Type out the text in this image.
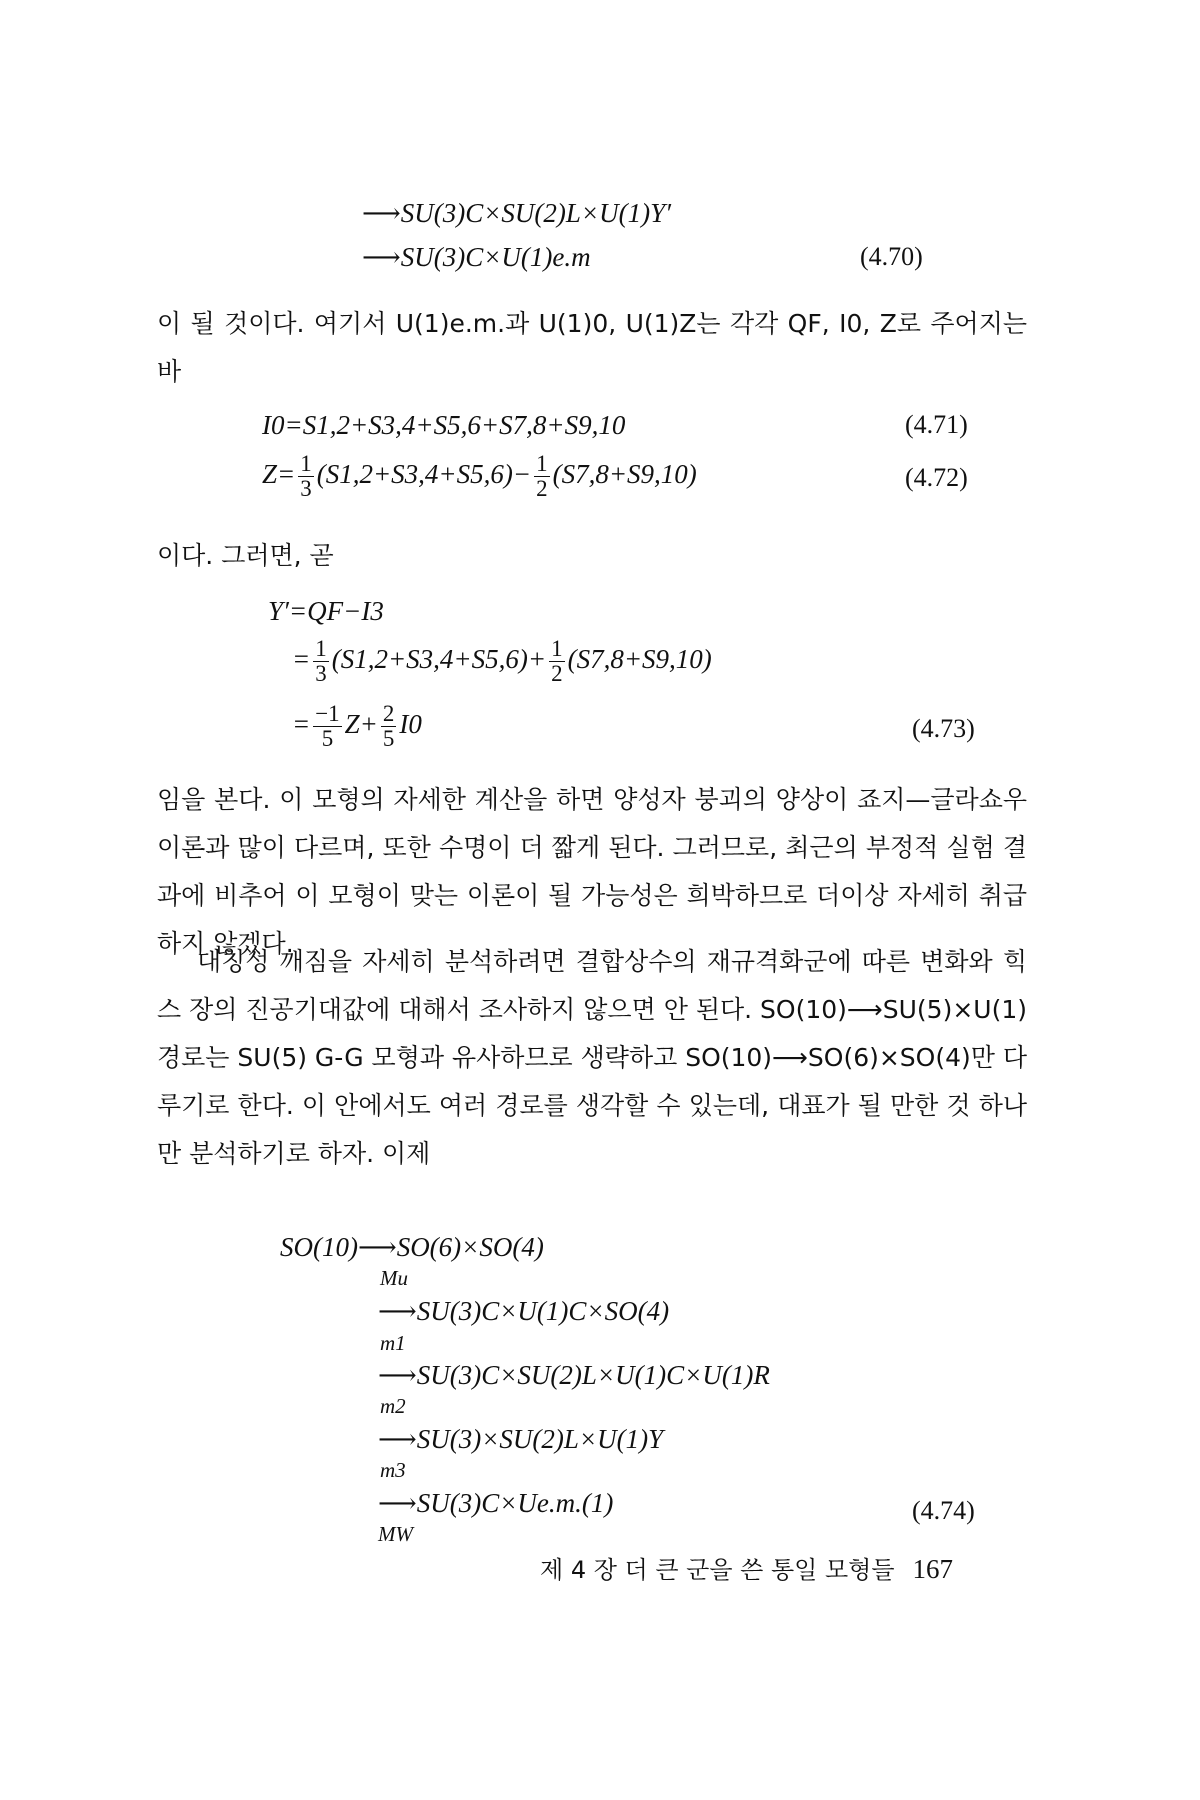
⟶SU(3)C×SU(2)L×U(1)Y′
⟶SU(3)C×U(1)e.m	(4.70)

이 될 것이다. 여기서 U(1)e.m.과 U(1)0, U(1)Z는 각각 QF, I0, Z로 주어지는 바

I0=S1,2+S3,4+S5,6+S7,8+S9,10	(4.71)
$Z= \frac{1}{3} (S1,2+S3,4+S5,6)- \frac{1}{2} (S7,8+S9,10)$	(4.72)

이다. 그러면, 곧

Y′=QF−I3
= $\frac{1}{3} (S1,2+S3,4+S5,6)+ \frac{1}{2} (S7,8+S9,10)$
= $\frac{-1}{5} Z+ \frac{2}{5} I0$	(4.73)

임을 본다. 이 모형의 자세한 계산을 하면 양성자 붕괴의 양상이 죠지—글라쇼우 이론과 많이 다르며, 또한 수명이 더 짧게 된다. 그러므로, 최근의 부정적 실험 결과에 비추어 이 모형이 맞는 이론이 될 가능성은 희박하므로 더이상 자세히 취급하지 않겠다.

대칭성 깨짐을 자세히 분석하려면 결합상수의 재규격화군에 따른 변화와 힉스 장의 진공기대값에 대해서 조사하지 않으면 안 된다. SO(10)⟶SU(5)×U(1) 경로는 SU(5) G-G 모형과 유사하므로 생략하고 SO(10)⟶SO(6)×SO(4)만 다루기로 한다. 이 안에서도 여러 경로를 생각할 수 있는데, 대표가 될 만한 것 하나만 분석하기로 하자. 이제

SO(10)⟶SO(6)×SO(4)
Mu
⟶SU(3)C×U(1)C×SO(4)
m1
⟶SU(3)C×SU(2)L×U(1)C×U(1)R
m2
⟶SU(3)×SU(2)L×U(1)Y
m3
⟶SU(3)C×Ue.m.(1)
MW
(4.74)
제 4 장 더 큰 군을 쓴 통일 모형들 167
